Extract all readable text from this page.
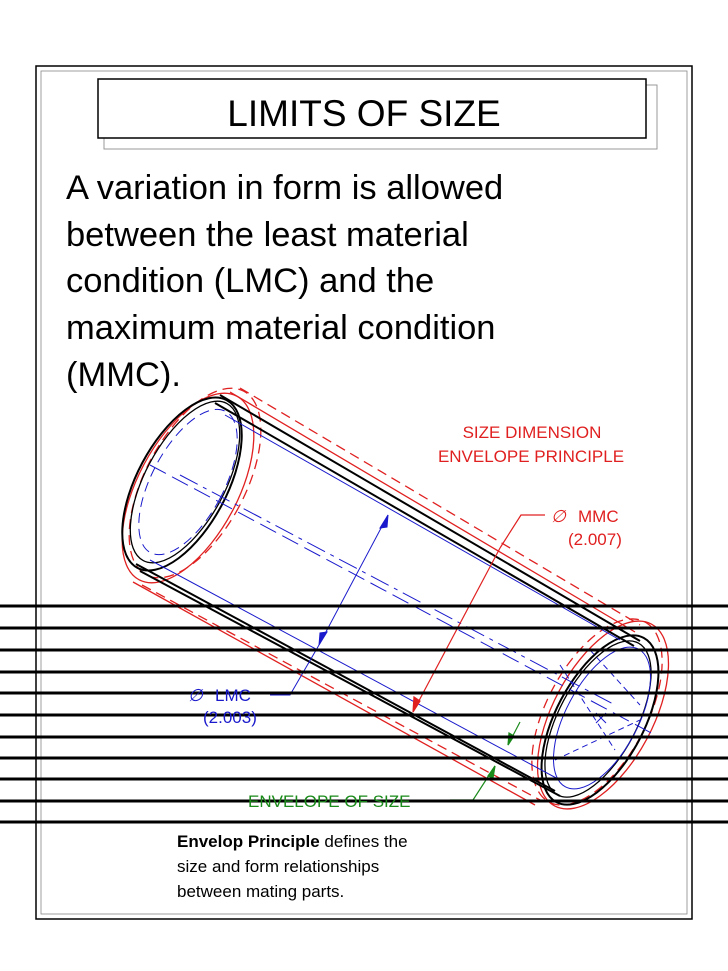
LIMITS OF SIZE
A variation in form is allowed
between the least material
condition (LMC) and the
maximum material condition
(MMC).
SIZE DIMENSION
ENVELOPE PRINCIPLE
∅ MMC
(2.007)
∅ LMC
(2.003)
ENVELOPE OF SIZE
Envelop Principle defines the
size and form relationships
between mating parts.
